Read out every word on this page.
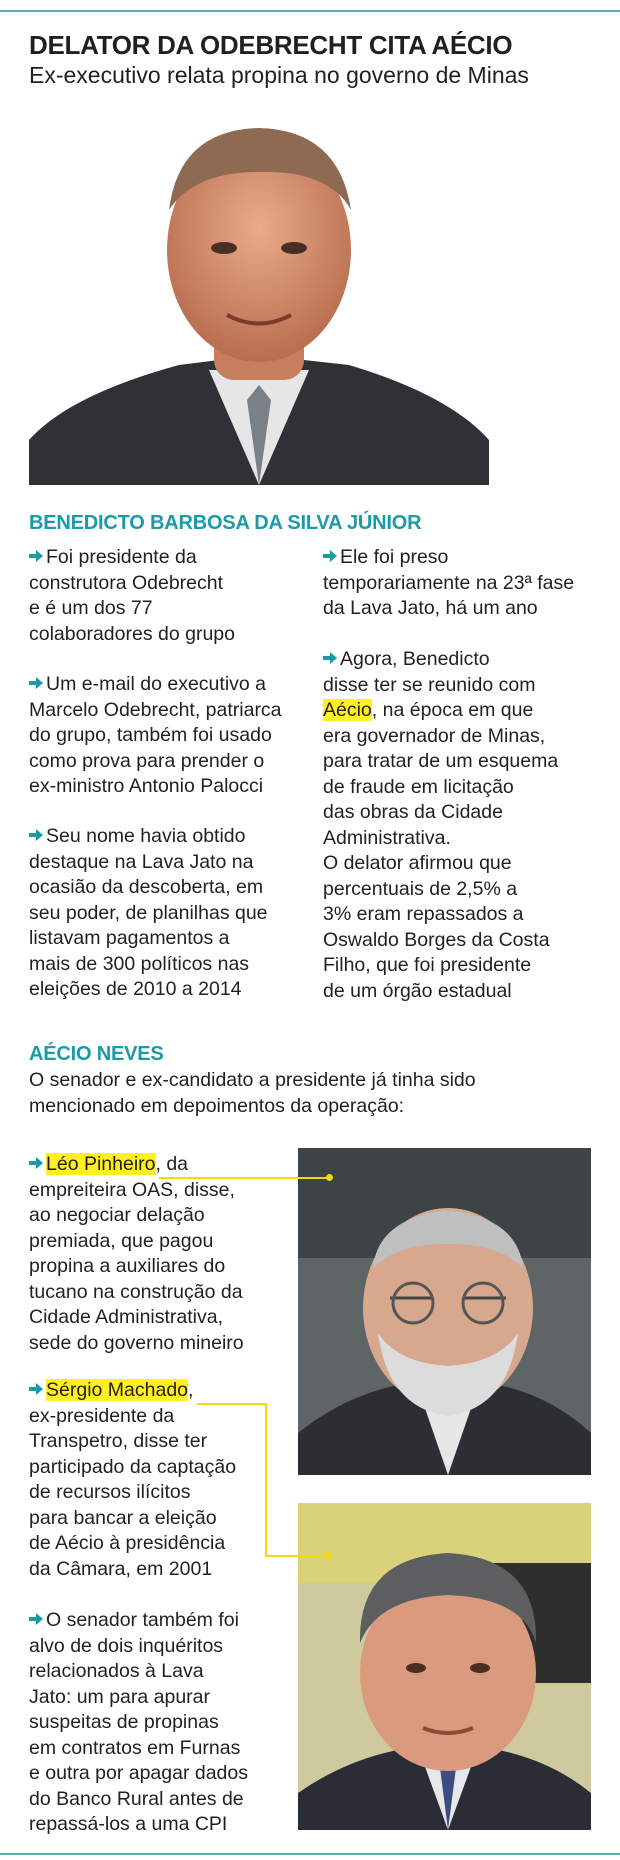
DELATOR DA ODEBRECHT CITA AÉCIO
Ex-executivo relata propina no governo de Minas
BENEDICTO BARBOSA DA SILVA JÚNIOR

Foi presidente da
construtora Odebrecht
e é um dos 77
colaboradores do grupo

Um e-mail do executivo a
Marcelo Odebrecht, patriarca
do grupo, também foi usado
como prova para prender o
ex-ministro Antonio Palocci

Seu nome havia obtido
destaque na Lava Jato na
ocasião da descoberta, em
seu poder, de planilhas que
listavam pagamentos a
mais de 300 políticos nas
eleições de 2010 a 2014

Ele foi preso
temporariamente na 23ª fase
da Lava Jato, há um ano

Agora, Benedicto
disse ter se reunido com
Aécio, na época em que
era governador de Minas,
para tratar de um esquema
de fraude em licitação
das obras da Cidade
Administrativa.
O delator afirmou que
percentuais de 2,5% a
3% eram repassados a
Oswaldo Borges da Costa
Filho, que foi presidente
de um órgão estadual

AÉCIO NEVES

O senador e ex-candidato a presidente já tinha sido
mencionado em depoimentos da operação:

Léo Pinheiro, da
empreiteira OAS, disse,
ao negociar delação
premiada, que pagou
propina a auxiliares do
tucano na construção da
Cidade Administrativa,
sede do governo mineiro

Sérgio Machado,
ex-presidente da
Transpetro, disse ter
participado da captação
de recursos ilícitos
para bancar a eleição
de Aécio à presidência
da Câmara, em 2001

O senador também foi
alvo de dois inquéritos
relacionados à Lava
Jato: um para apurar
suspeitas de propinas
em contratos em Furnas
e outra por apagar dados
do Banco Rural antes de
repassá-los a uma CPI
